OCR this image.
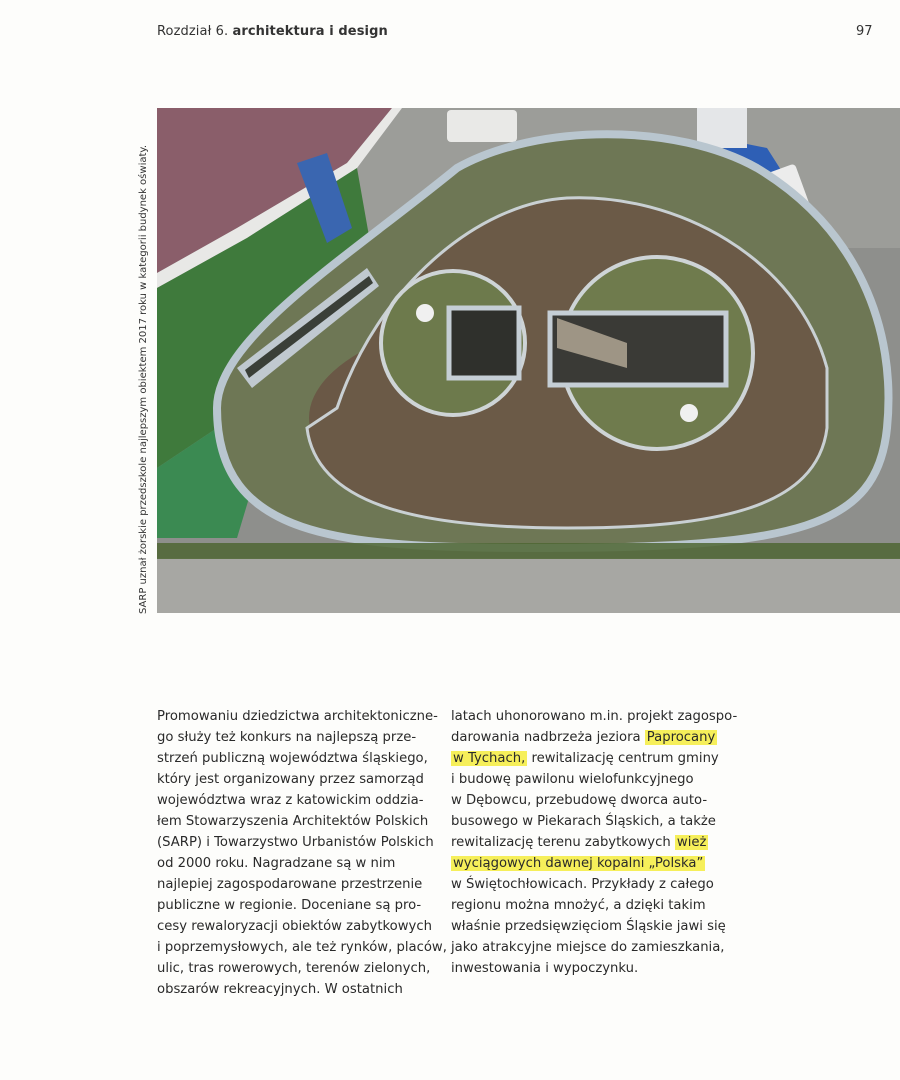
Rozdział 6. architektura i design	97
SARP uznał żorskie przedszkole najlepszym obiektem 2017 roku w kategorii budynek oświaty.

Promowaniu dziedzictwa architektoniczne-

go służy też konkurs na najlepszą prze-

strzeń publiczną województwa śląskiego,

który jest organizowany przez samorząd

województwa wraz z katowickim oddzia-

łem Stowarzyszenia Architektów Polskich

(SARP) i Towarzystwo Urbanistów Polskich

od 2000 roku. Nagradzane są w nim

najlepiej zagospodarowane przestrzenie

publiczne w regionie. Doceniane są pro-

cesy rewaloryzacji obiektów zabytkowych

i poprzemysłowych, ale też rynków, placów,

ulic, tras rowerowych, terenów zielonych,

obszarów rekreacyjnych. W ostatnich

latach uhonorowano m.in. projekt zagospo-

darowania nadbrzeża jeziora Paprocany

w Tychach, rewitalizację centrum gminy

i budowę pawilonu wielofunkcyjnego

w Dębowcu, przebudowę dworca auto-

busowego w Piekarach Śląskich, a także

rewitalizację terenu zabytkowych wież

wyciągowych dawnej kopalni „Polska”

w Świętochłowicach. Przykłady z całego

regionu można mnożyć, a dzięki takim

właśnie przedsięwzięciom Śląskie jawi się

jako atrakcyjne miejsce do zamieszkania,

inwestowania i wypoczynku.
